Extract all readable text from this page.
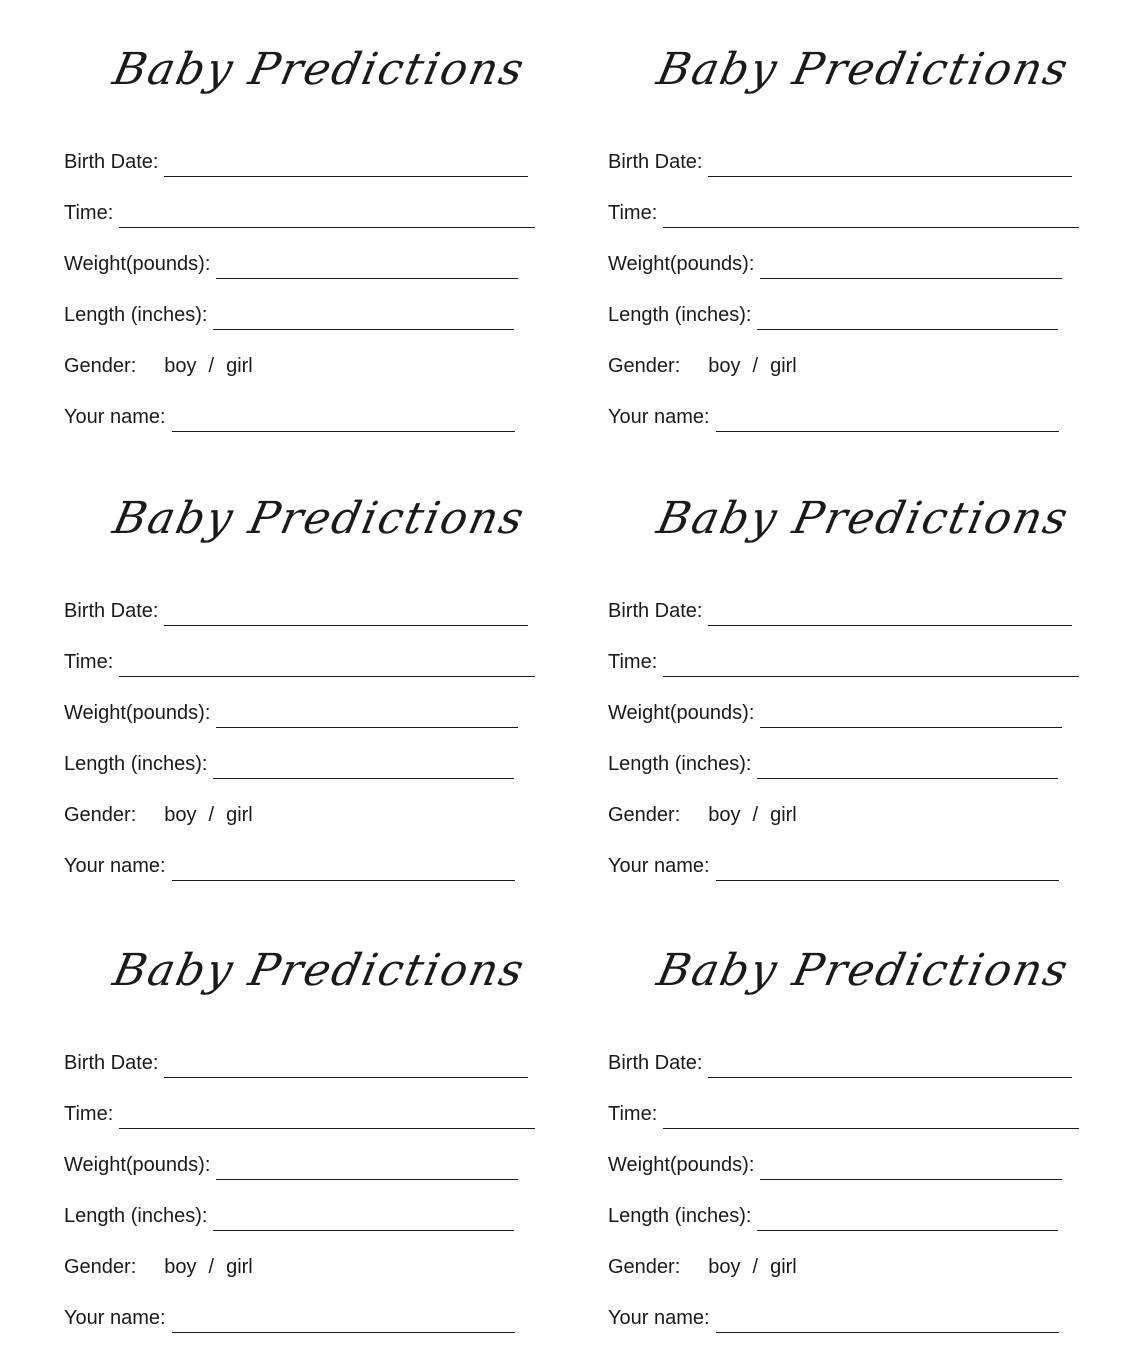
Baby Predictions
Birth Date:
Time:
Weight(pounds):
Length (inches):
Gender: boy / girl
Your name:
Baby Predictions
Birth Date:
Time:
Weight(pounds):
Length (inches):
Gender: boy / girl
Your name:
Baby Predictions
Birth Date:
Time:
Weight(pounds):
Length (inches):
Gender: boy / girl
Your name:
Baby Predictions
Birth Date:
Time:
Weight(pounds):
Length (inches):
Gender: boy / girl
Your name:
Baby Predictions
Birth Date:
Time:
Weight(pounds):
Length (inches):
Gender: boy / girl
Your name:
Baby Predictions
Birth Date:
Time:
Weight(pounds):
Length (inches):
Gender: boy / girl
Your name:
